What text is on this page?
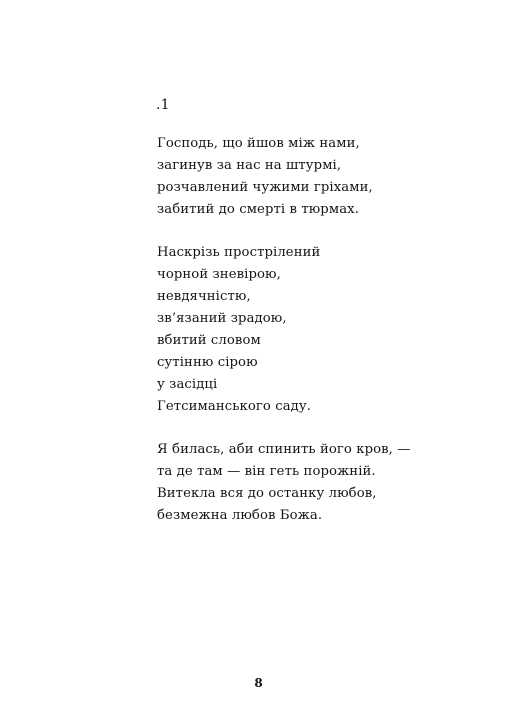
.1
Господь, що йшов між нами,
загинув за нас на штурмі,
розчавлений чужими гріхами,
забитий до смерті в тюрмах.
Наскрізь прострілений
чорной зневірою,
невдячністю,
зв’язаний зрадою,
вбитий словом
сутінню сірою
у засідці
Гетсиманського саду.
Я билась, аби спинить його кров, —
та де там — він геть порожній.
Витекла вся до останку любов,
безмежна любов Божа.
8
